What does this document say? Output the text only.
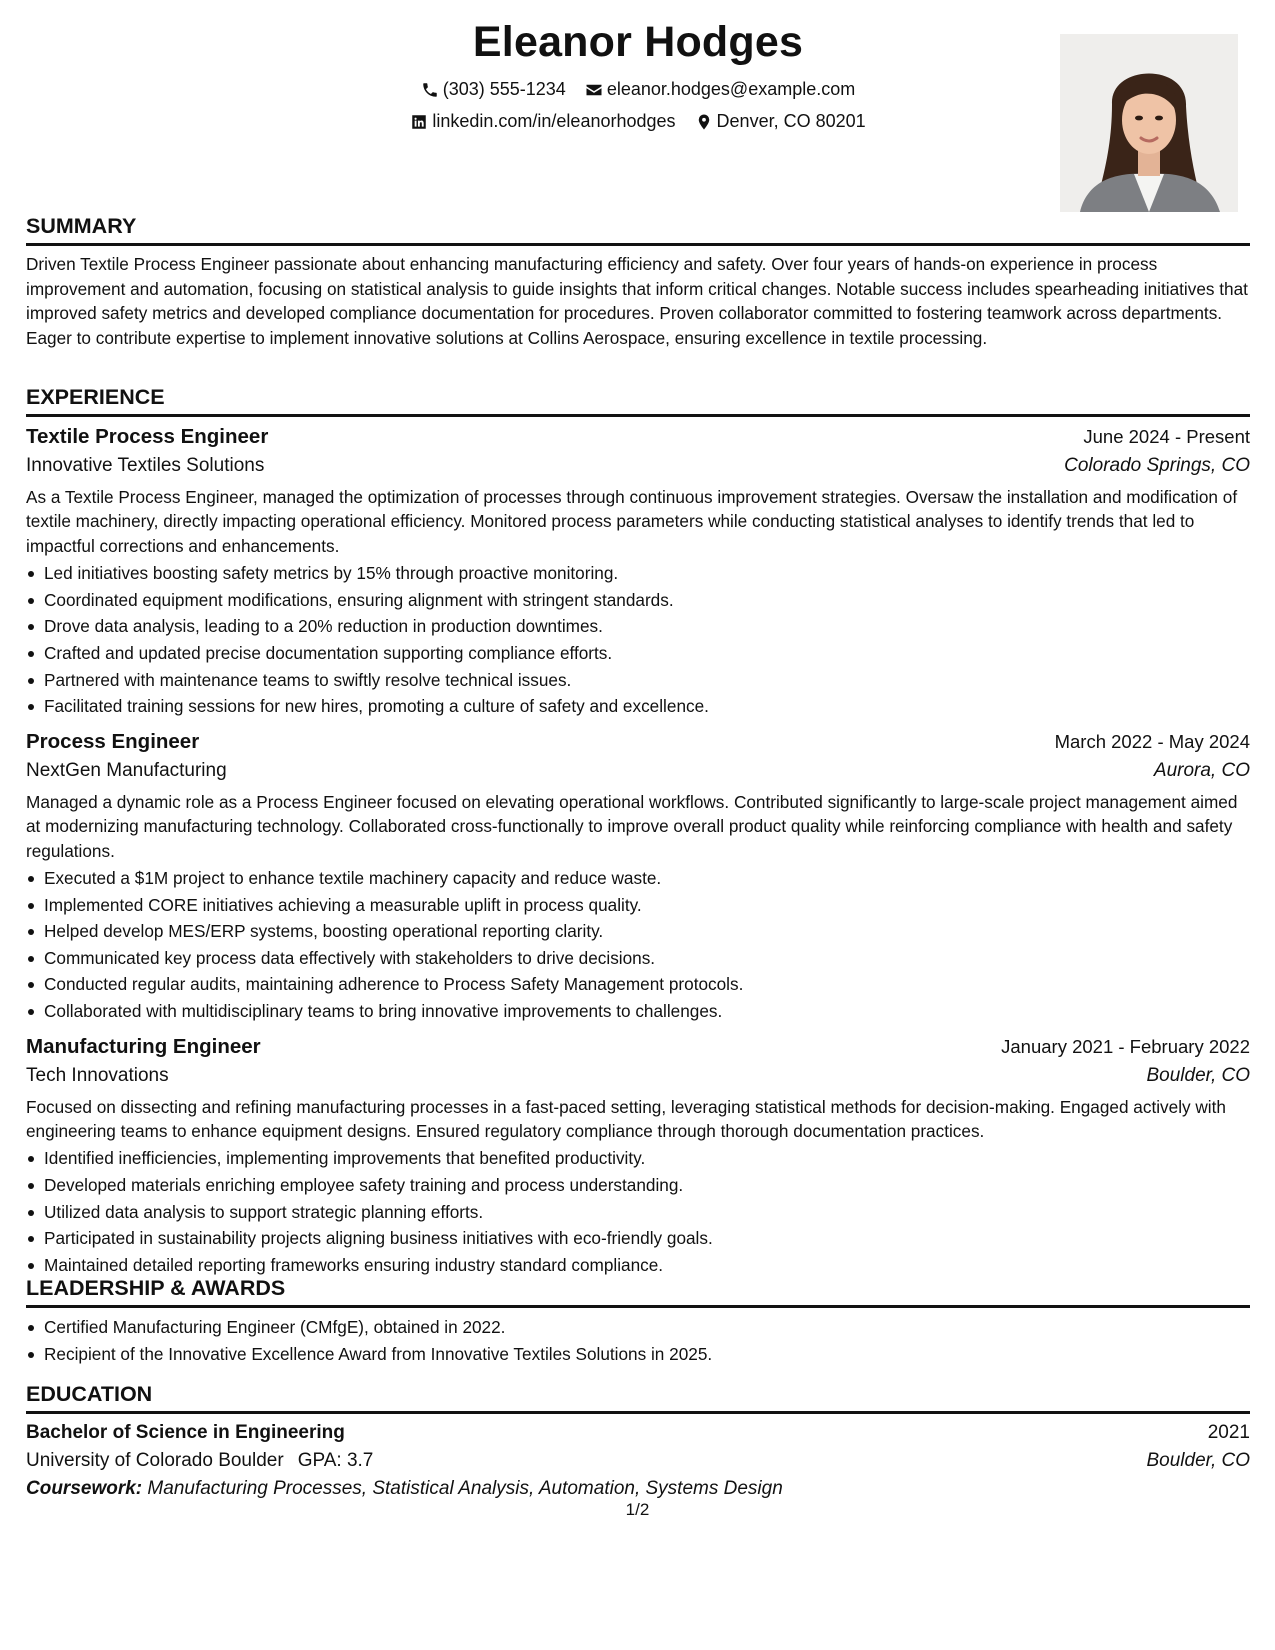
Eleanor Hodges
(303) 555-1234
eleanor.hodges@example.com
linkedin.com/in/eleanorhodges
Denver, CO 80201
SUMMARY

Driven Textile Process Engineer passionate about enhancing manufacturing efficiency and safety. Over four years of hands-on experience in process improvement and automation, focusing on statistical analysis to guide insights that inform critical changes. Notable success includes spearheading initiatives that improved safety metrics and developed compliance documentation for procedures. Proven collaborator committed to fostering teamwork across departments. Eager to contribute expertise to implement innovative solutions at Collins Aerospace, ensuring excellence in textile processing.

EXPERIENCE
Textile Process Engineer	June 2024 - Present
Innovative Textiles Solutions	Colorado Springs, CO

As a Textile Process Engineer, managed the optimization of processes through continuous improvement strategies. Oversaw the installation and modification of textile machinery, directly impacting operational efficiency. Monitored process parameters while conducting statistical analyses to identify trends that led to impactful corrections and enhancements.

Led initiatives boosting safety metrics by 15% through proactive monitoring.
Coordinated equipment modifications, ensuring alignment with stringent standards.
Drove data analysis, leading to a 20% reduction in production downtimes.
Crafted and updated precise documentation supporting compliance efforts.
Partnered with maintenance teams to swiftly resolve technical issues.
Facilitated training sessions for new hires, promoting a culture of safety and excellence.
Process Engineer	March 2022 - May 2024
NextGen Manufacturing	Aurora, CO

Managed a dynamic role as a Process Engineer focused on elevating operational workflows. Contributed significantly to large-scale project management aimed at modernizing manufacturing technology. Collaborated cross-functionally to improve overall product quality while reinforcing compliance with health and safety regulations.

Executed a $1M project to enhance textile machinery capacity and reduce waste.
Implemented CORE initiatives achieving a measurable uplift in process quality.
Helped develop MES/ERP systems, boosting operational reporting clarity.
Communicated key process data effectively with stakeholders to drive decisions.
Conducted regular audits, maintaining adherence to Process Safety Management protocols.
Collaborated with multidisciplinary teams to bring innovative improvements to challenges.
Manufacturing Engineer	January 2021 - February 2022
Tech Innovations	Boulder, CO

Focused on dissecting and refining manufacturing processes in a fast-paced setting, leveraging statistical methods for decision-making. Engaged actively with engineering teams to enhance equipment designs. Ensured regulatory compliance through thorough documentation practices.

Identified inefficiencies, implementing improvements that benefited productivity.
Developed materials enriching employee safety training and process understanding.
Utilized data analysis to support strategic planning efforts.
Participated in sustainability projects aligning business initiatives with eco-friendly goals.
Maintained detailed reporting frameworks ensuring industry standard compliance.
LEADERSHIP & AWARDS
Certified Manufacturing Engineer (CMfgE), obtained in 2022.
Recipient of the Innovative Excellence Award from Innovative Textiles Solutions in 2025.
EDUCATION
Bachelor of Science in Engineering	2021
University of Colorado Boulder GPA: 3.7	Boulder, CO
Coursework: Manufacturing Processes, Statistical Analysis, Automation, Systems Design
1/2
